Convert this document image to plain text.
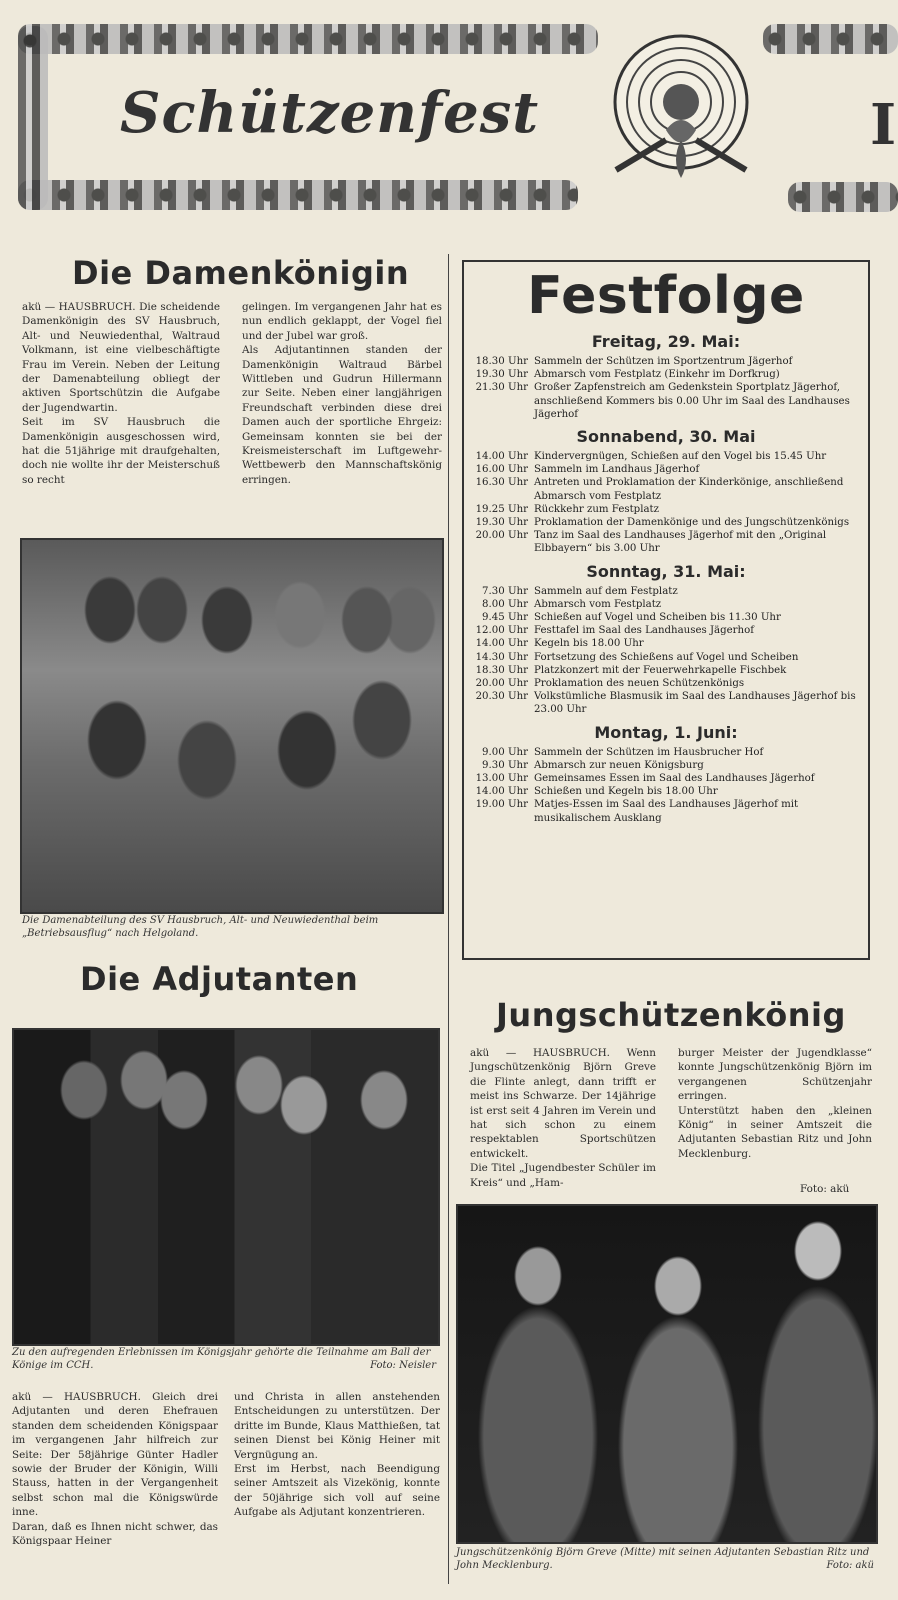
Schützenfest	I
Die Damenkönigin
akü — HAUSBRUCH. Die scheidende Damenkönigin des SV Hausbruch, Alt- und Neuwiedenthal, Waltraud Volkmann, ist eine vielbeschäftigte Frau im Verein. Neben der Leitung der Damenabteilung obliegt der aktiven Sportschützin die Aufgabe der Jugendwartin.
Seit im SV Hausbruch die Damenkönigin ausgeschossen wird, hat die 51jährige mit draufgehalten, doch nie wollte ihr der Meisterschuß so recht
gelingen. Im vergangenen Jahr hat es nun endlich geklappt, der Vogel fiel und der Jubel war groß.
Als Adjutantinnen standen der Damenkönigin Waltraud Bärbel Wittleben und Gudrun Hillermann zur Seite. Neben einer langjährigen Freundschaft verbinden diese drei Damen auch der sportliche Ehrgeiz: Gemeinsam konnten sie bei der Kreismeisterschaft im Luftgewehr-Wettbewerb den Mannschaftskönig erringen.
Die Damenabteilung des SV Hausbruch, Alt- und Neuwiedenthal beim „Betriebsausflug“ nach Helgoland.
Die Adjutanten
Zu den aufregenden Erlebnissen im Königsjahr gehörte die Teilnahme am Ball der Könige im CCH.	Foto: Neisler
akü — HAUSBRUCH. Gleich drei Adjutanten und deren Ehefrauen standen dem scheidenden Königspaar im vergangenen Jahr hilfreich zur Seite: Der 58jährige Günter Hadler sowie der Bruder der Königin, Willi Stauss, hatten in der Vergangenheit selbst schon mal die Königswürde inne.
Daran, daß es Ihnen nicht schwer, das Königspaar Heiner
und Christa in allen anstehenden Entscheidungen zu unterstützen. Der dritte im Bunde, Klaus Matthießen, tat seinen Dienst bei König Heiner mit Vergnügung an.
Erst im Herbst, nach Beendigung seiner Amtszeit als Vizekönig, konnte der 50jährige sich voll auf seine Aufgabe als Adjutant konzentrieren.
Festfolge
Freitag, 29. Mai:
18.30 Uhr Sammeln der Schützen im Sportzentrum Jägerhof
19.30 Uhr Abmarsch vom Festplatz (Einkehr im Dorfkrug)
21.30 Uhr Großer Zapfenstreich am Gedenkstein Sportplatz Jägerhof, anschließend Kommers bis 0.00 Uhr im Saal des Landhauses Jägerhof
Sonnabend, 30. Mai
14.00 Uhr Kindervergnügen, Schießen auf den Vogel bis 15.45 Uhr
16.00 Uhr Sammeln im Landhaus Jägerhof
16.30 Uhr Antreten und Proklamation der Kinderkönige, anschließend Abmarsch vom Festplatz
19.25 Uhr Rückkehr zum Festplatz
19.30 Uhr Proklamation der Damenkönige und des Jungschützenkönigs
20.00 Uhr Tanz im Saal des Landhauses Jägerhof mit den „Original Elbbayern“ bis 3.00 Uhr
Sonntag, 31. Mai:
7.30 Uhr Sammeln auf dem Festplatz
8.00 Uhr Abmarsch vom Festplatz
9.45 Uhr Schießen auf Vogel und Scheiben bis 11.30 Uhr
12.00 Uhr Festtafel im Saal des Landhauses Jägerhof
14.00 Uhr Kegeln bis 18.00 Uhr
14.30 Uhr Fortsetzung des Schießens auf Vogel und Scheiben
18.30 Uhr Platzkonzert mit der Feuerwehrkapelle Fischbek
20.00 Uhr Proklamation des neuen Schützenkönigs
20.30 Uhr Volkstümliche Blasmusik im Saal des Landhauses Jägerhof bis 23.00 Uhr
Montag, 1. Juni:
9.00 Uhr Sammeln der Schützen im Hausbrucher Hof
9.30 Uhr Abmarsch zur neuen Königsburg
13.00 Uhr Gemeinsames Essen im Saal des Landhauses Jägerhof
14.00 Uhr Schießen und Kegeln bis 18.00 Uhr
19.00 Uhr Matjes-Essen im Saal des Landhauses Jägerhof mit musikalischem Ausklang
Jungschützenkönig
akü — HAUSBRUCH. Wenn Jungschützenkönig Björn Greve die Flinte anlegt, dann trifft er meist ins Schwarze. Der 14jährige ist erst seit 4 Jahren im Verein und hat sich schon zu einem respektablen Sportschützen entwickelt.
Die Titel „Jugendbester Schüler im Kreis“ und „Ham-
burger Meister der Jugendklasse“ konnte Jungschützenkönig Björn im vergangenen Schützenjahr erringen.
Unterstützt haben den „kleinen König“ in seiner Amtszeit die Adjutanten Sebastian Ritz und John Mecklenburg.
Foto: akü
Jungschützenkönig Björn Greve (Mitte) mit seinen Adjutanten Sebastian Ritz und John Mecklenburg.	Foto: akü
